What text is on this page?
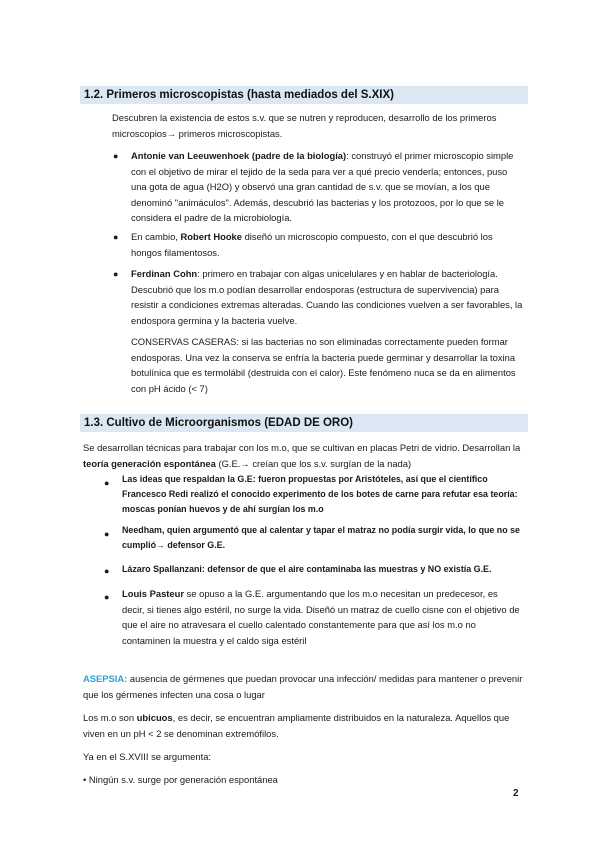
1.2. Primeros microscopistas (hasta mediados del S.XIX)
Descubren la existencia de estos s.v. que se nutren y reproducen, desarrollo de los primeros microscopios→ primeros microscopistas.
● Antonie van Leeuwenhoek (padre de la biología): construyó el primer microscopio simple con el objetivo de mirar el tejido de la seda para ver a qué precio venderla; entonces, puso una gota de agua (H2O) y observó una gran cantidad de s.v. que se movían, a los que denominó "animáculos". Además, descubrió las bacterias y los protozoos, por lo que se le considera el padre de la microbiología.
● En cambio, Robert Hooke diseñó un microscopio compuesto, con el que descubrió los hongos filamentosos.
● Ferdinan Cohn: primero en trabajar con algas unicelulares y en hablar de bacteriología. Descubrió que los m.o podían desarrollar endosporas (estructura de supervivencia) para resistir a condiciones extremas alteradas. Cuando las condiciones vuelven a ser favorables, la endospora germina y la bacteria vuelve.
CONSERVAS CASERAS: si las bacterias no son eliminadas correctamente pueden formar endosporas. Una vez la conserva se enfría la bacteria puede germinar y desarrollar la toxina botulínica que es termolábil (destruida con el calor). Este fenómeno nuca se da en alimentos con pH ácido (< 7)
1.3. Cultivo de Microorganismos (EDAD DE ORO)
Se desarrollan técnicas para trabajar con los m.o, que se cultivan en placas Petri de vidrio. Desarrollan la teoría generación espontánea (G.E.→ creían que los s.v. surgían de la nada)
● Las ideas que respaldan la G.E: fueron propuestas por Aristóteles, así que el científico Francesco Redi realizó el conocido experimento de los botes de carne para refutar esa teoría: moscas ponían huevos y de ahí surgían los m.o
● Needham, quien argumentó que al calentar y tapar el matraz no podía surgir vida, lo que no se cumplió→ defensor G.E.
● Lázaro Spallanzani: defensor de que el aire contaminaba las muestras y NO existía G.E.
● Louis Pasteur se opuso a la G.E. argumentando que los m.o necesitan un predecesor, es decir, si tienes algo estéril, no surge la vida. Diseñó un matraz de cuello cisne con el objetivo de que el aire no atravesara el cuello calentado constantemente para que así los m.o no contaminen la muestra y el caldo siga estéril
ASEPSIA: ausencia de gérmenes que puedan provocar una infección/ medidas para mantener o prevenir que los gérmenes infecten una cosa o lugar
Los m.o son ubicuos, es decir, se encuentran ampliamente distribuidos en la naturaleza. Aquellos que viven en un pH < 2 se denominan extremófilos.
Ya en el S.XVIII se argumenta:
• Ningún s.v. surge por generación espontánea
2
